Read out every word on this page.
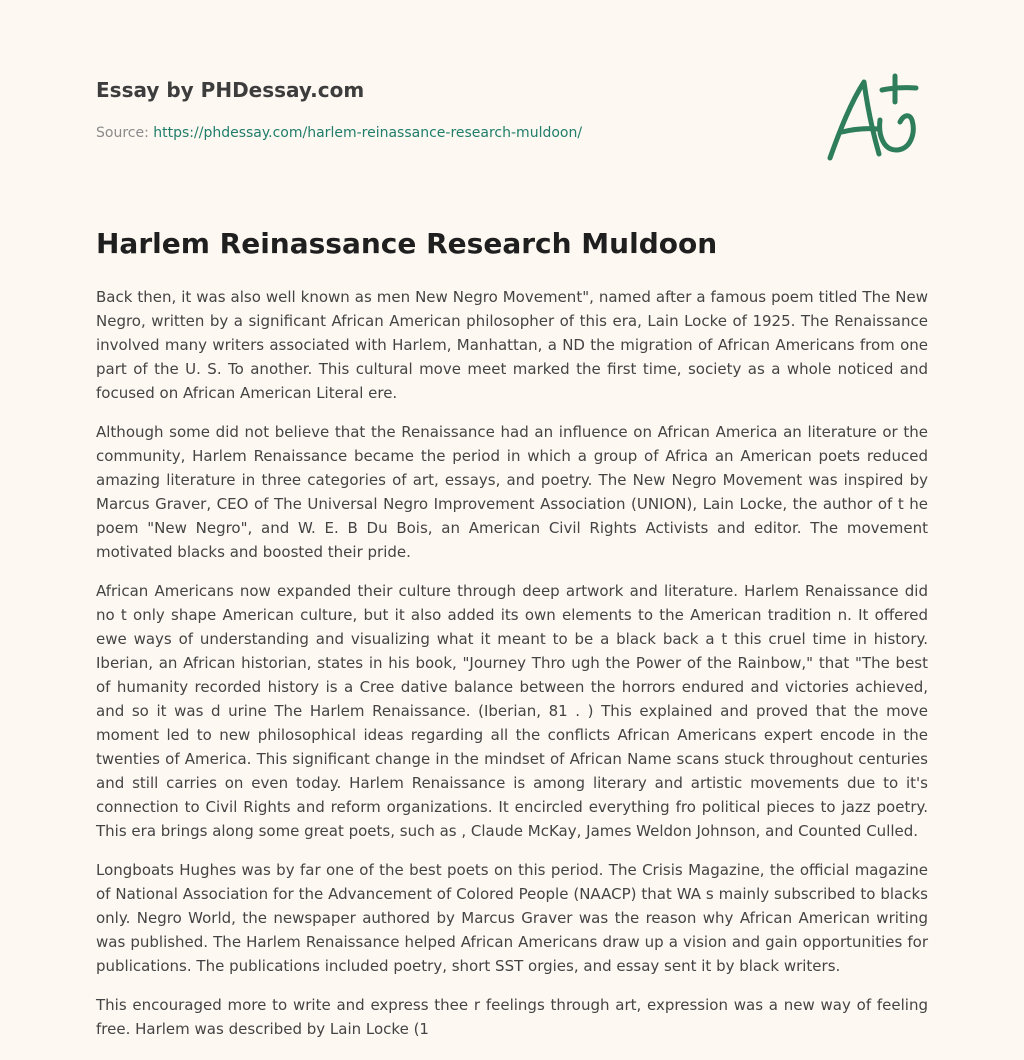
Essay by PHDessay.com
Source: https://phdessay.com/harlem-reinassance-research-muldoon/
Harlem Reinassance Research Muldoon

Back then, it was also well known as men New Negro Movement", named after a famous poem titled The New Negro, written by a significant African American philosopher of this era, Lain Locke of 1925. The Renaissance involved many writers associated with Harlem, Manhattan, a ND the migration of African Americans from one part of the U. S. To another. This cultural move meet marked the first time, society as a whole noticed and focused on African American Literal ere.

Although some did not believe that the Renaissance had an influence on African America an literature or the community, Harlem Renaissance became the period in which a group of Africa an American poets reduced amazing literature in three categories of art, essays, and poetry. The New Negro Movement was inspired by Marcus Graver, CEO of The Universal Negro Improvement Association (UNION), Lain Locke, the author of t he poem "New Negro", and W. E. B Du Bois, an American Civil Rights Activists and editor. The movement motivated blacks and boosted their pride.

African Americans now expanded their culture through deep artwork and literature. Harlem Renaissance did no t only shape American culture, but it also added its own elements to the American tradition n. It offered ewe ways of understanding and visualizing what it meant to be a black back a t this cruel time in history. Iberian, an African historian, states in his book, "Journey Thro ugh the Power of the Rainbow," that "The best of humanity recorded history is a Cree dative balance between the horrors endured and victories achieved, and so it was d urine The Harlem Renaissance. (Iberian, 81 . ) This explained and proved that the move moment led to new philosophical ideas regarding all the conflicts African Americans expert encode in the twenties of America. This significant change in the mindset of African Name scans stuck throughout centuries and still carries on even today. Harlem Renaissance is among literary and artistic movements due to it's connection to Civil Rights and reform organizations. It encircled everything fro political pieces to jazz poetry. This era brings along some great poets, such as , Claude McKay, James Weldon Johnson, and Counted Culled.

Longboats Hughes was by far one of the best poets on this period. The Crisis Magazine, the official magazine of National Association for the Advancement of Colored People (NAACP) that WA s mainly subscribed to blacks only. Negro World, the newspaper authored by Marcus Graver was the reason why African American writing was published. The Harlem Renaissance helped African Americans draw up a vision and gain opportunities for publications. The publications included poetry, short SST orgies, and essay sent it by black writers.

This encouraged more to write and express thee r feelings through art, expression was a new way of feeling free. Harlem was described by Lain Locke (1
